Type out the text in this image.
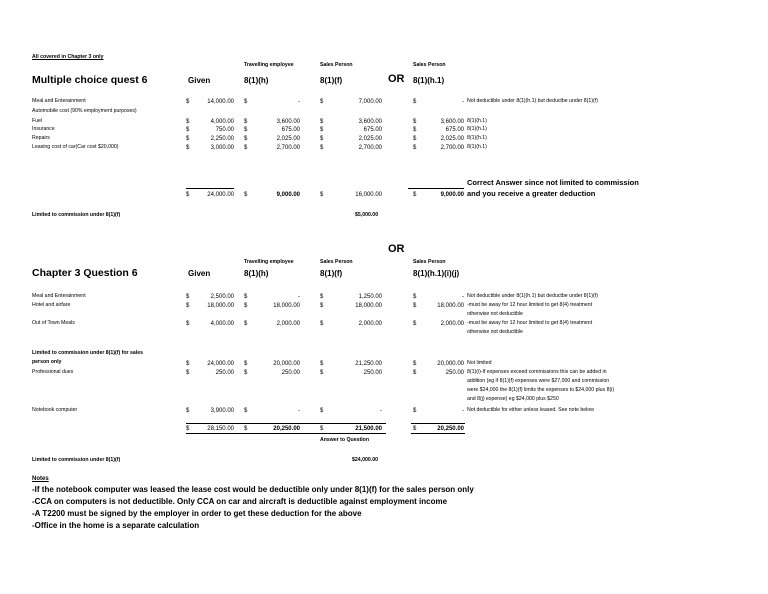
All covered in Chapter 3 only
Multiple choice quest 6	Given
Travelling employee
8(1)(h)
Sales Person
8(1)(f)	OR
Sales Person
8(1)(h.1)
Meal and Enterainment	$	14,000.00 $	-	$	7,000.00	$	- Not deductible under 8(1)(h.1) but deductbe under 8(1)(f)
Automobile cost (90% employment purposes)
Fuel	$	4,000.00 $	3,600.00	$	3,600.00	$	3,600.00 8(1)(h.1)
Insurance	$	750.00 $	675.00	$	675.00	$	675.00 8(1)(h.1)
Repairs	$	2,250.00 $	2,025.00	$	2,025.00	$	2,025.00 8(1)(h.1)
Leasing cost of car(Car cost $20,000)	$	3,000.00 $	2,700.00	$	2,700.00	$	2,700.00 8(1)(h.1)
$	24,000.00 $	9,000.00	$	16,000.00	$	9,000.00
Correct Answer since not limited to commission
and you receive a greater deduction
Limited to commission under 8(1)(f)	$5,000.00
OR
Chapter 3 Question 6	Given
Travelling employee
8(1)(h)
Sales Person
8(1)(f)
Sales Person
8(1)(h.1)(i)(j)
Meal and Enterainment	$	2,500.00 $	-	$	1,250.00	$	- Not deductible under 8(1)(h.1) but deductbe under 8(1)(f)
Hotel and airfare	$	18,000.00 $	18,000.00	$	18,000.00	$	18,000.00 -must be away for 12 hour limited to get 8(4) treatment
otherwise not deductible
Out of Town Meals	$	4,000.00 $	2,000.00	$	2,000.00	$	2,000.00 -must be away for 12 hour limited to get 8(4) treatment
otherwise not deductible
Limited to commission under 8(1)(f) for sales
person only	$	24,000.00 $	20,000.00	$	21,250.00	$	20,000.00 Not limited
Professional dues	$	250.00 $	250.00	$	250.00	$	250.00 8(1)(i)-If expenses exceed commissions this can be added in
addition (eg if 8(1)(f) expenses were $27,000 and commission
were $24,000 the 8(1)(f) limits the expenses to $24,000 plus 8(i)
and 8(j) expense) eg $24,000 plus $250
Notebook computer	$	3,900.00 $	-	$	-	$	- Not deductible for either unless leased. See note below
$	28,150.00 $	20,250.00	$	21,500.00	$	20,250.00
Answer to Question
Limited to commission under 8(1)(f)	$24,000.00
Notes
-If the notebook computer was leased the lease cost would be deductible only under 8(1)(f) for the sales person only
-CCA on computers is not deductible. Only CCA on car and aircraft is deductible against employment income
-A T2200 must be signed by the employer in order to get these deduction for the above
-Office in the home is a separate calculation
